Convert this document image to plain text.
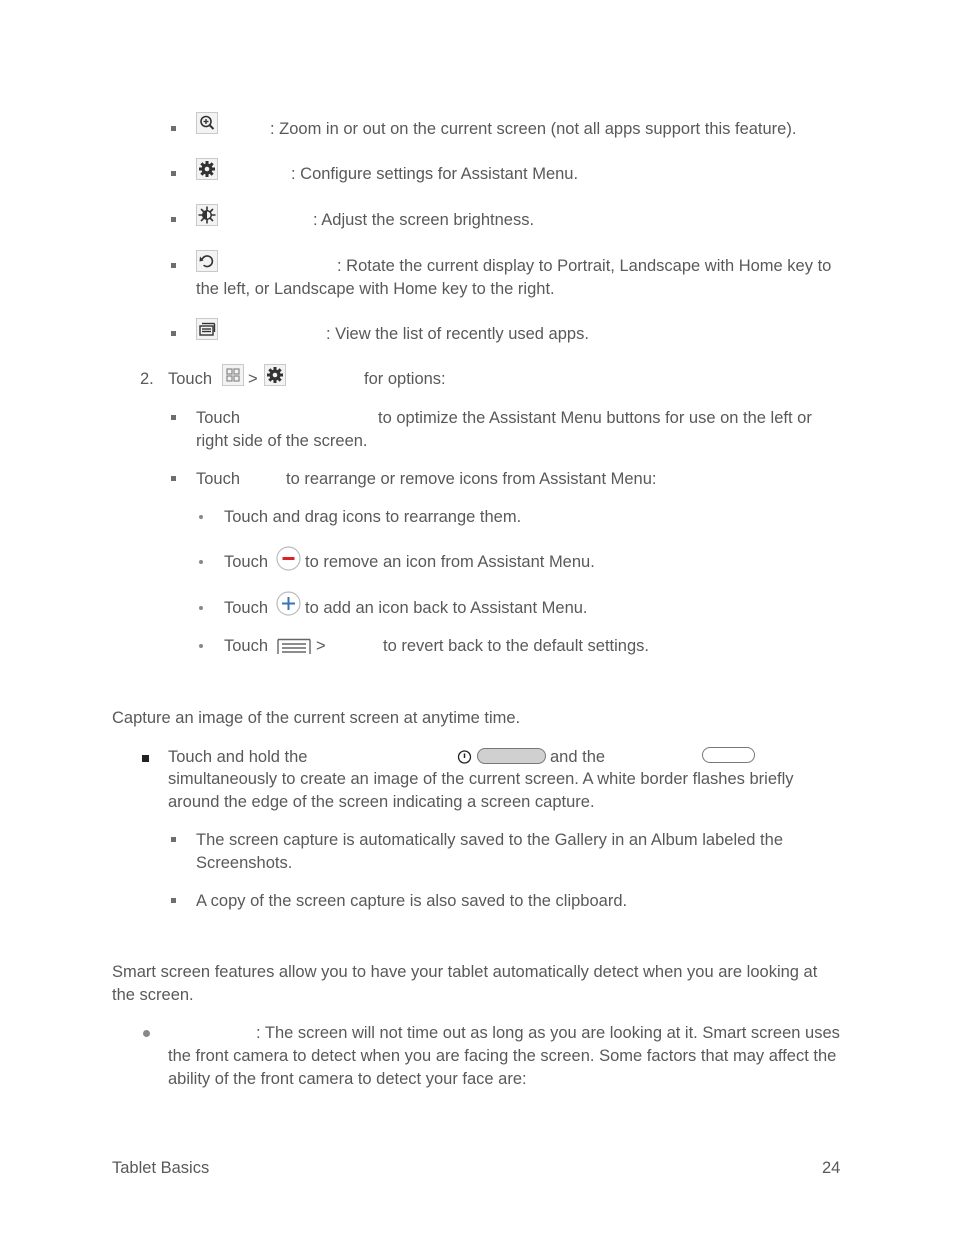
: Zoom in or out on the current screen (not all apps support this feature).
: Configure settings for Assistant Menu.
: Adjust the screen brightness.
: Rotate the current display to Portrait, Landscape with Home key to the left, or Landscape with Home key to the right.
: View the list of recently used apps.
2. Touch >	for options:
Touch	to optimize the Assistant Menu buttons for use on the left or right side of the screen.
Touch	to rearrange or remove icons from Assistant Menu:
Touch and drag icons to rearrange them.
Touch to remove an icon from Assistant Menu.
Touch to add an icon back to Assistant Menu.
Touch	>	to revert back to the default settings.
Capture an image of the current screen at anytime time.
Touch and hold the	and the
simultaneously to create an image of the current screen. A white border flashes briefly around the edge of the screen indicating a screen capture.
The screen capture is automatically saved to the Gallery in an Album labeled the Screenshots.
A copy of the screen capture is also saved to the clipboard.
Smart screen features allow you to have your tablet automatically detect when you are looking at the screen.
: The screen will not time out as long as you are looking at it. Smart screen uses the front camera to detect when you are facing the screen. Some factors that may affect the ability of the front camera to detect your face are:
Tablet Basics	24
